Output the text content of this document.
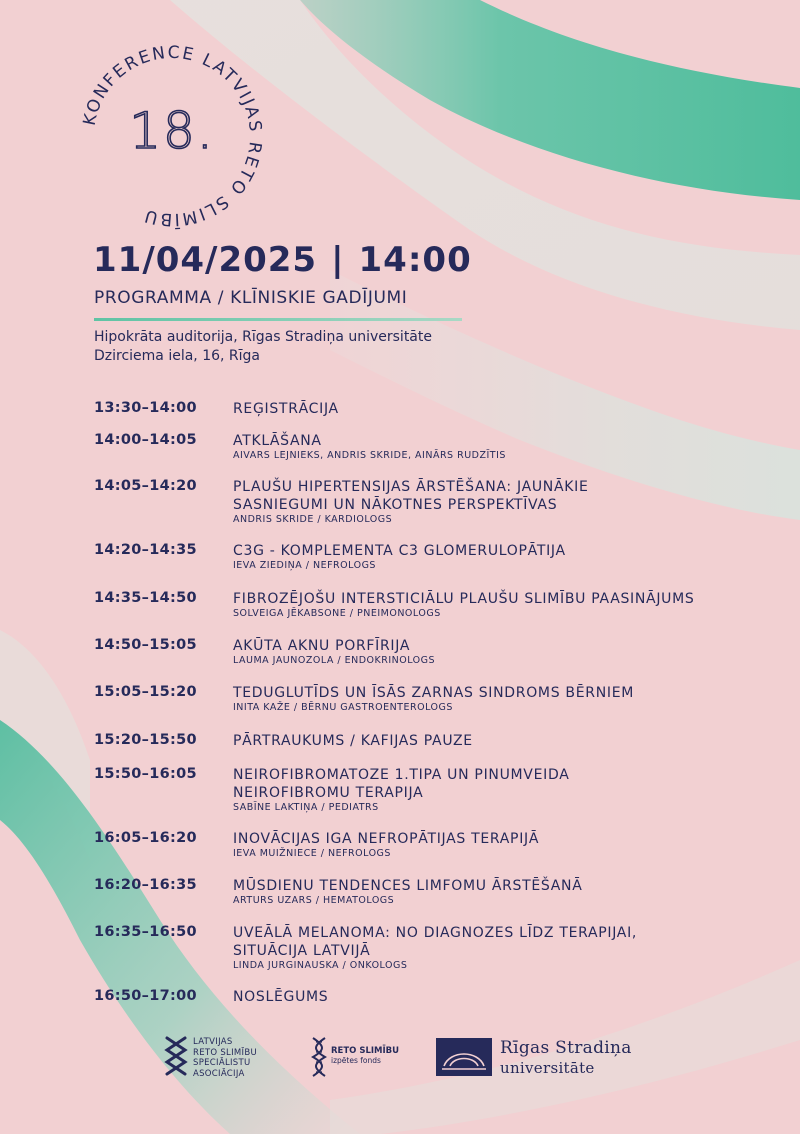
18.
KONFERENCE LATVIJAS RETO SLIMĪBU
11/04/2025 | 14:00
PROGRAMMA / KLĪNISKIE GADĪJUMI
Hipokrāta auditorija, Rīgas Stradiņa universitāte
Dzirciema iela, 16, Rīga
13:30–14:00	REĢISTRĀCIJA
14:00–14:05	ATKLĀŠANA
AIVARS LEJNIEKS, ANDRIS SKRIDE, AINĀRS RUDZĪTIS
14:05–14:20	PLAUŠU HIPERTENSIJAS ĀRSTĒŠANA: JAUNĀKIE
SASNIEGUMI UN NĀKOTNES PERSPEKTĪVAS
ANDRIS SKRIDE / KARDIOLOGS
14:20–14:35	C3G - KOMPLEMENTA C3 GLOMERULOPĀTIJA
IEVA ZIEDIŅA / NEFROLOGS
14:35–14:50	FIBROZĒJOŠU INTERSTICIĀLU PLAUŠU SLIMĪBU PAASINĀJUMS
SOLVEIGA JĒKABSONE / PNEIMONOLOGS
14:50–15:05	AKŪTA AKNU PORFĪRIJA
LAUMA JAUNOZOLA / ENDOKRINOLOGS
15:05–15:20	TEDUGLUTĪDS UN ĪSĀS ZARNAS SINDROMS BĒRNIEM
INITA KAŽE / BĒRNU GASTROENTEROLOGS
15:20–15:50	PĀRTRAUKUMS / KAFIJAS PAUZE
15:50–16:05	NEIROFIBROMATOZE 1.TIPA UN PINUMVEIDA
NEIROFIBROMU TERAPIJA
SABĪNE LAKTIŅA / PEDIATRS
16:05–16:20	INOVĀCIJAS IGA NEFROPĀTIJAS TERAPIJĀ
IEVA MUIŽNIECE / NEFROLOGS
16:20–16:35	MŪSDIENU TENDENCES LIMFOMU ĀRSTĒŠANĀ
ARTURS UZARS / HEMATOLOGS
16:35–16:50	UVEĀLĀ MELANOMA: NO DIAGNOZES LĪDZ TERAPIJAI,
SITUĀCIJA LATVIJĀ
LINDA JURGINAUSKA / ONKOLOGS
16:50–17:00	NOSLĒGUMS
LATVIJAS
RETO SLIMĪBU
SPECIĀLISTU
ASOCIĀCIJA
RETO SLIMĪBU
izpētes fonds
Rīgas Stradiņa
universitāte
